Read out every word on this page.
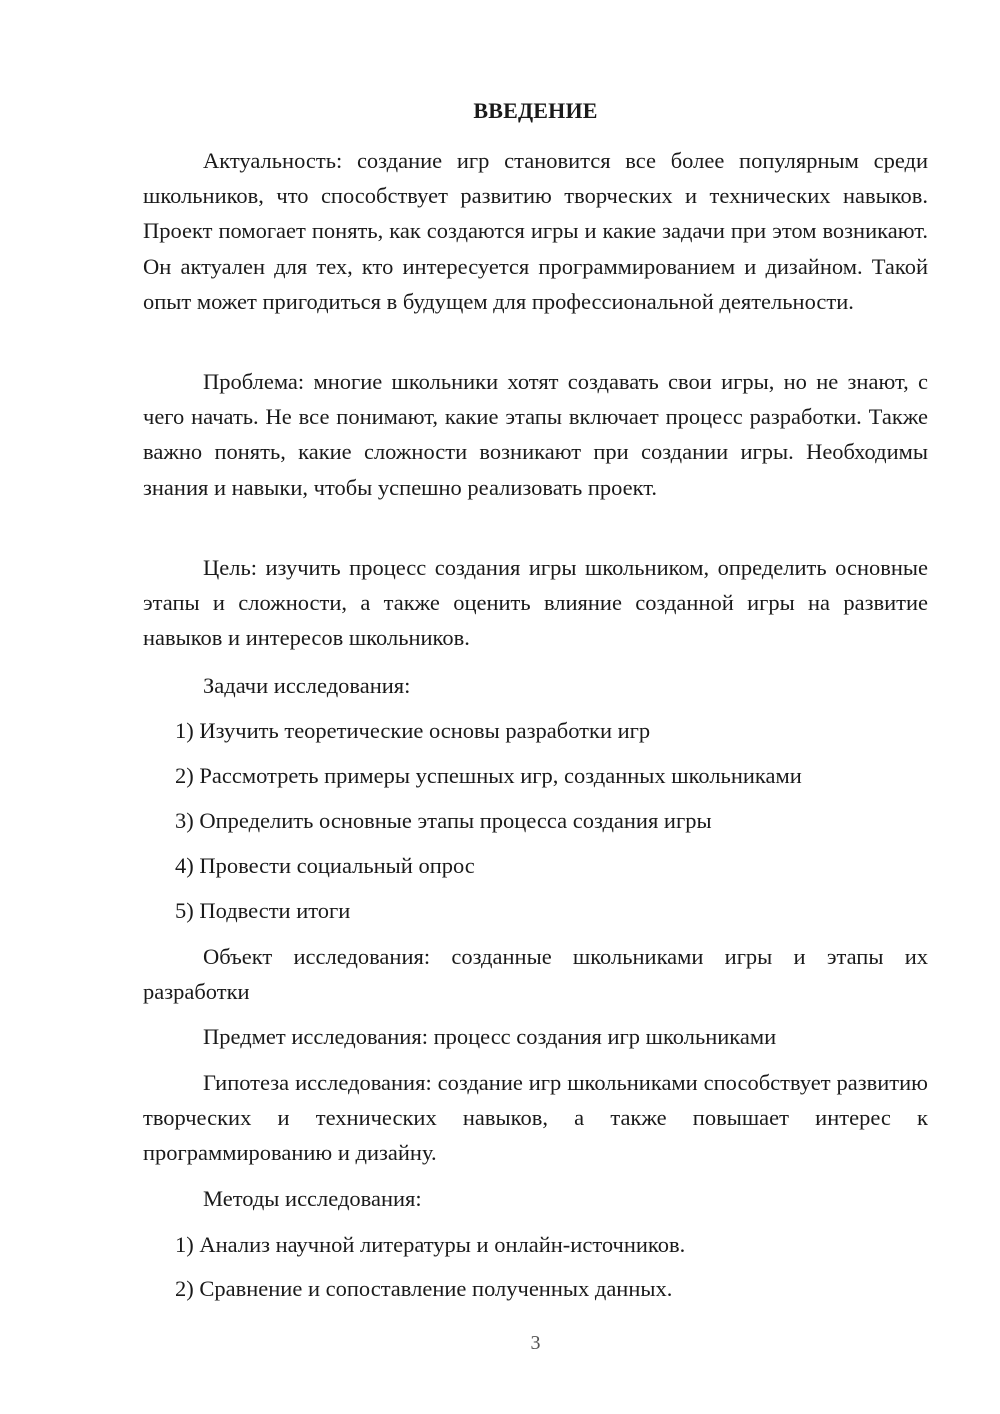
ВВЕДЕНИЕ

Актуальность: создание игр становится все более популярным среди школьников, что способствует развитию творческих и технических навыков. Проект помогает понять, как создаются игры и какие задачи при этом возникают. Он актуален для тех, кто интересуется программированием и дизайном. Такой опыт может пригодиться в будущем для профессиональной деятельности.

Проблема: многие школьники хотят создавать свои игры, но не знают, с чего начать. Не все понимают, какие этапы включает процесс разработки. Также важно понять, какие сложности возникают при создании игры. Необходимы знания и навыки, чтобы успешно реализовать проект.

Цель: изучить процесс создания игры школьником, определить основные этапы и сложности, а также оценить влияние созданной игры на развитие навыков и интересов школьников.

Задачи исследования:
1) Изучить теоретические основы разработки игр
2) Рассмотреть примеры успешных игр, созданных школьниками
3) Определить основные этапы процесса создания игры
4) Провести социальный опрос
5) Подвести итоги

Объект исследования: созданные школьниками игры и этапы их разработки

Предмет исследования: процесс создания игр школьниками

Гипотеза исследования: создание игр школьниками способствует развитию творческих и технических навыков, а также повышает интерес к программированию и дизайну.

Методы исследования:
1) Анализ научной литературы и онлайн-источников.
2) Сравнение и сопоставление полученных данных.
3
